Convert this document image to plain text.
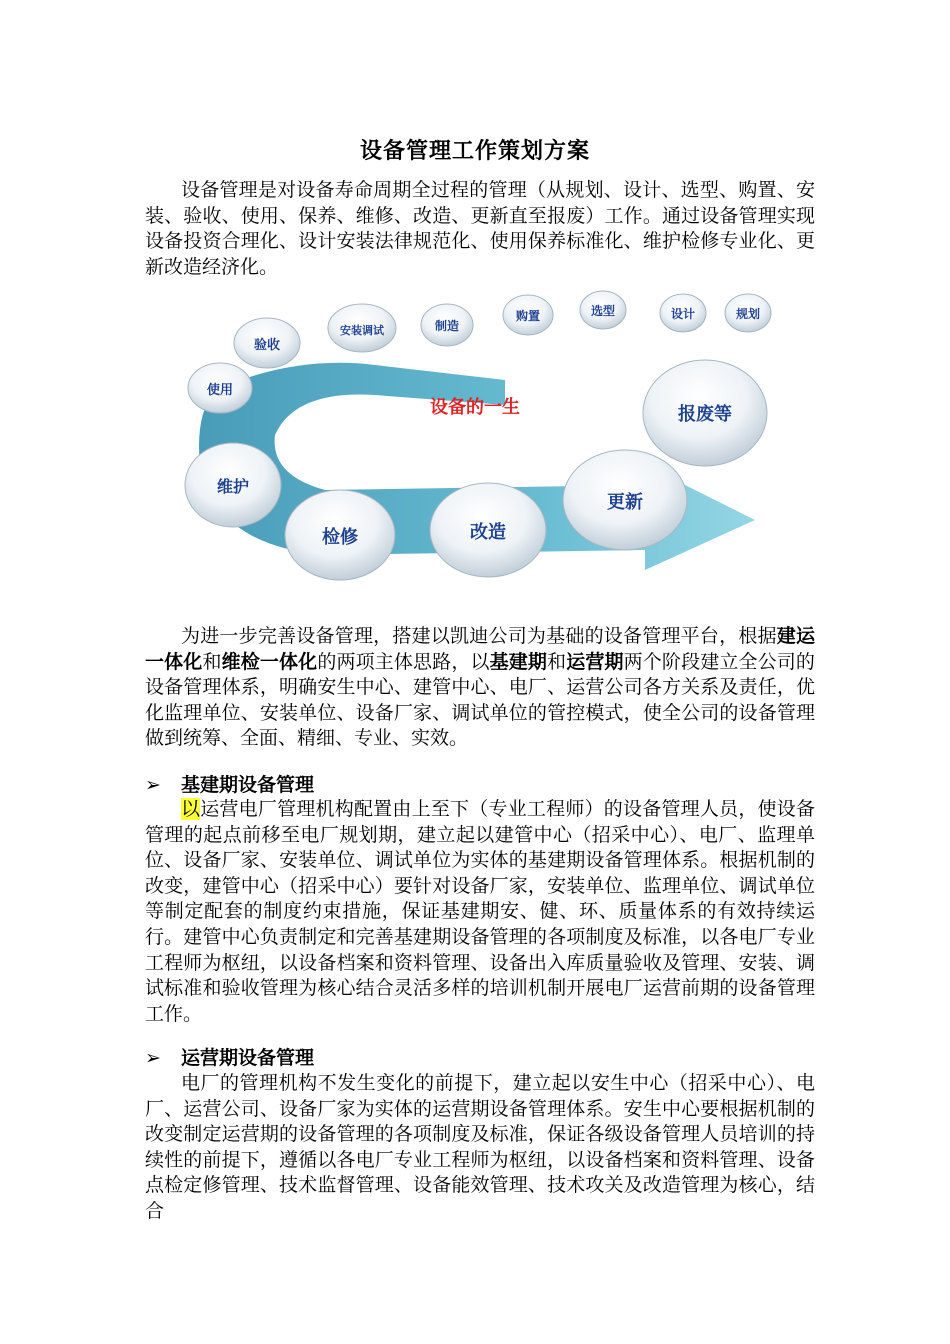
设备管理工作策划方案

设备管理是对设备寿命周期全过程的管理（从规划、设计、选型、购置、安装、验收、使用、保养、维修、改造、更新直至报废）工作。通过设备管理实现设备投资合理化、设计安装法律规范化、使用保养标准化、维护检修专业化、更新改造经济化。

设备的一生
使用
验收
安装调试	制造
购置	选型	设计	规划
维护
检修	改造
更新
报废等

为进一步完善设备管理，搭建以凯迪公司为基础的设备管理平台，根据建运一体化和维检一体化的两项主体思路，以基建期和运营期两个阶段建立全公司的设备管理体系，明确安生中心、建管中心、电厂、运营公司各方关系及责任，优化监理单位、安装单位、设备厂家、调试单位的管控模式，使全公司的设备管理做到统筹、全面、精细、专业、实效。

➢ 基建期设备管理

以运营电厂管理机构配置由上至下（专业工程师）的设备管理人员，使设备管理的起点前移至电厂规划期，建立起以建管中心（招采中心）、电厂、监理单位、设备厂家、安装单位、调试单位为实体的基建期设备管理体系。根据机制的改变，建管中心（招采中心）要针对设备厂家，安装单位、监理单位、调试单位等制定配套的制度约束措施，保证基建期安、健、环、质量体系的有效持续运行。建管中心负责制定和完善基建期设备管理的各项制度及标准，以各电厂专业工程师为枢纽，以设备档案和资料管理、设备出入库质量验收及管理、安装、调试标准和验收管理为核心结合灵活多样的培训机制开展电厂运营前期的设备管理工作。

➢ 运营期设备管理

电厂的管理机构不发生变化的前提下，建立起以安生中心（招采中心）、电厂、运营公司、设备厂家为实体的运营期设备管理体系。安生中心要根据机制的改变制定运营期的设备管理的各项制度及标准，保证各级设备管理人员培训的持续性的前提下，遵循以各电厂专业工程师为枢纽，以设备档案和资料管理、设备点检定修管理、技术监督管理、设备能效管理、技术攻关及改造管理为核心，结合
